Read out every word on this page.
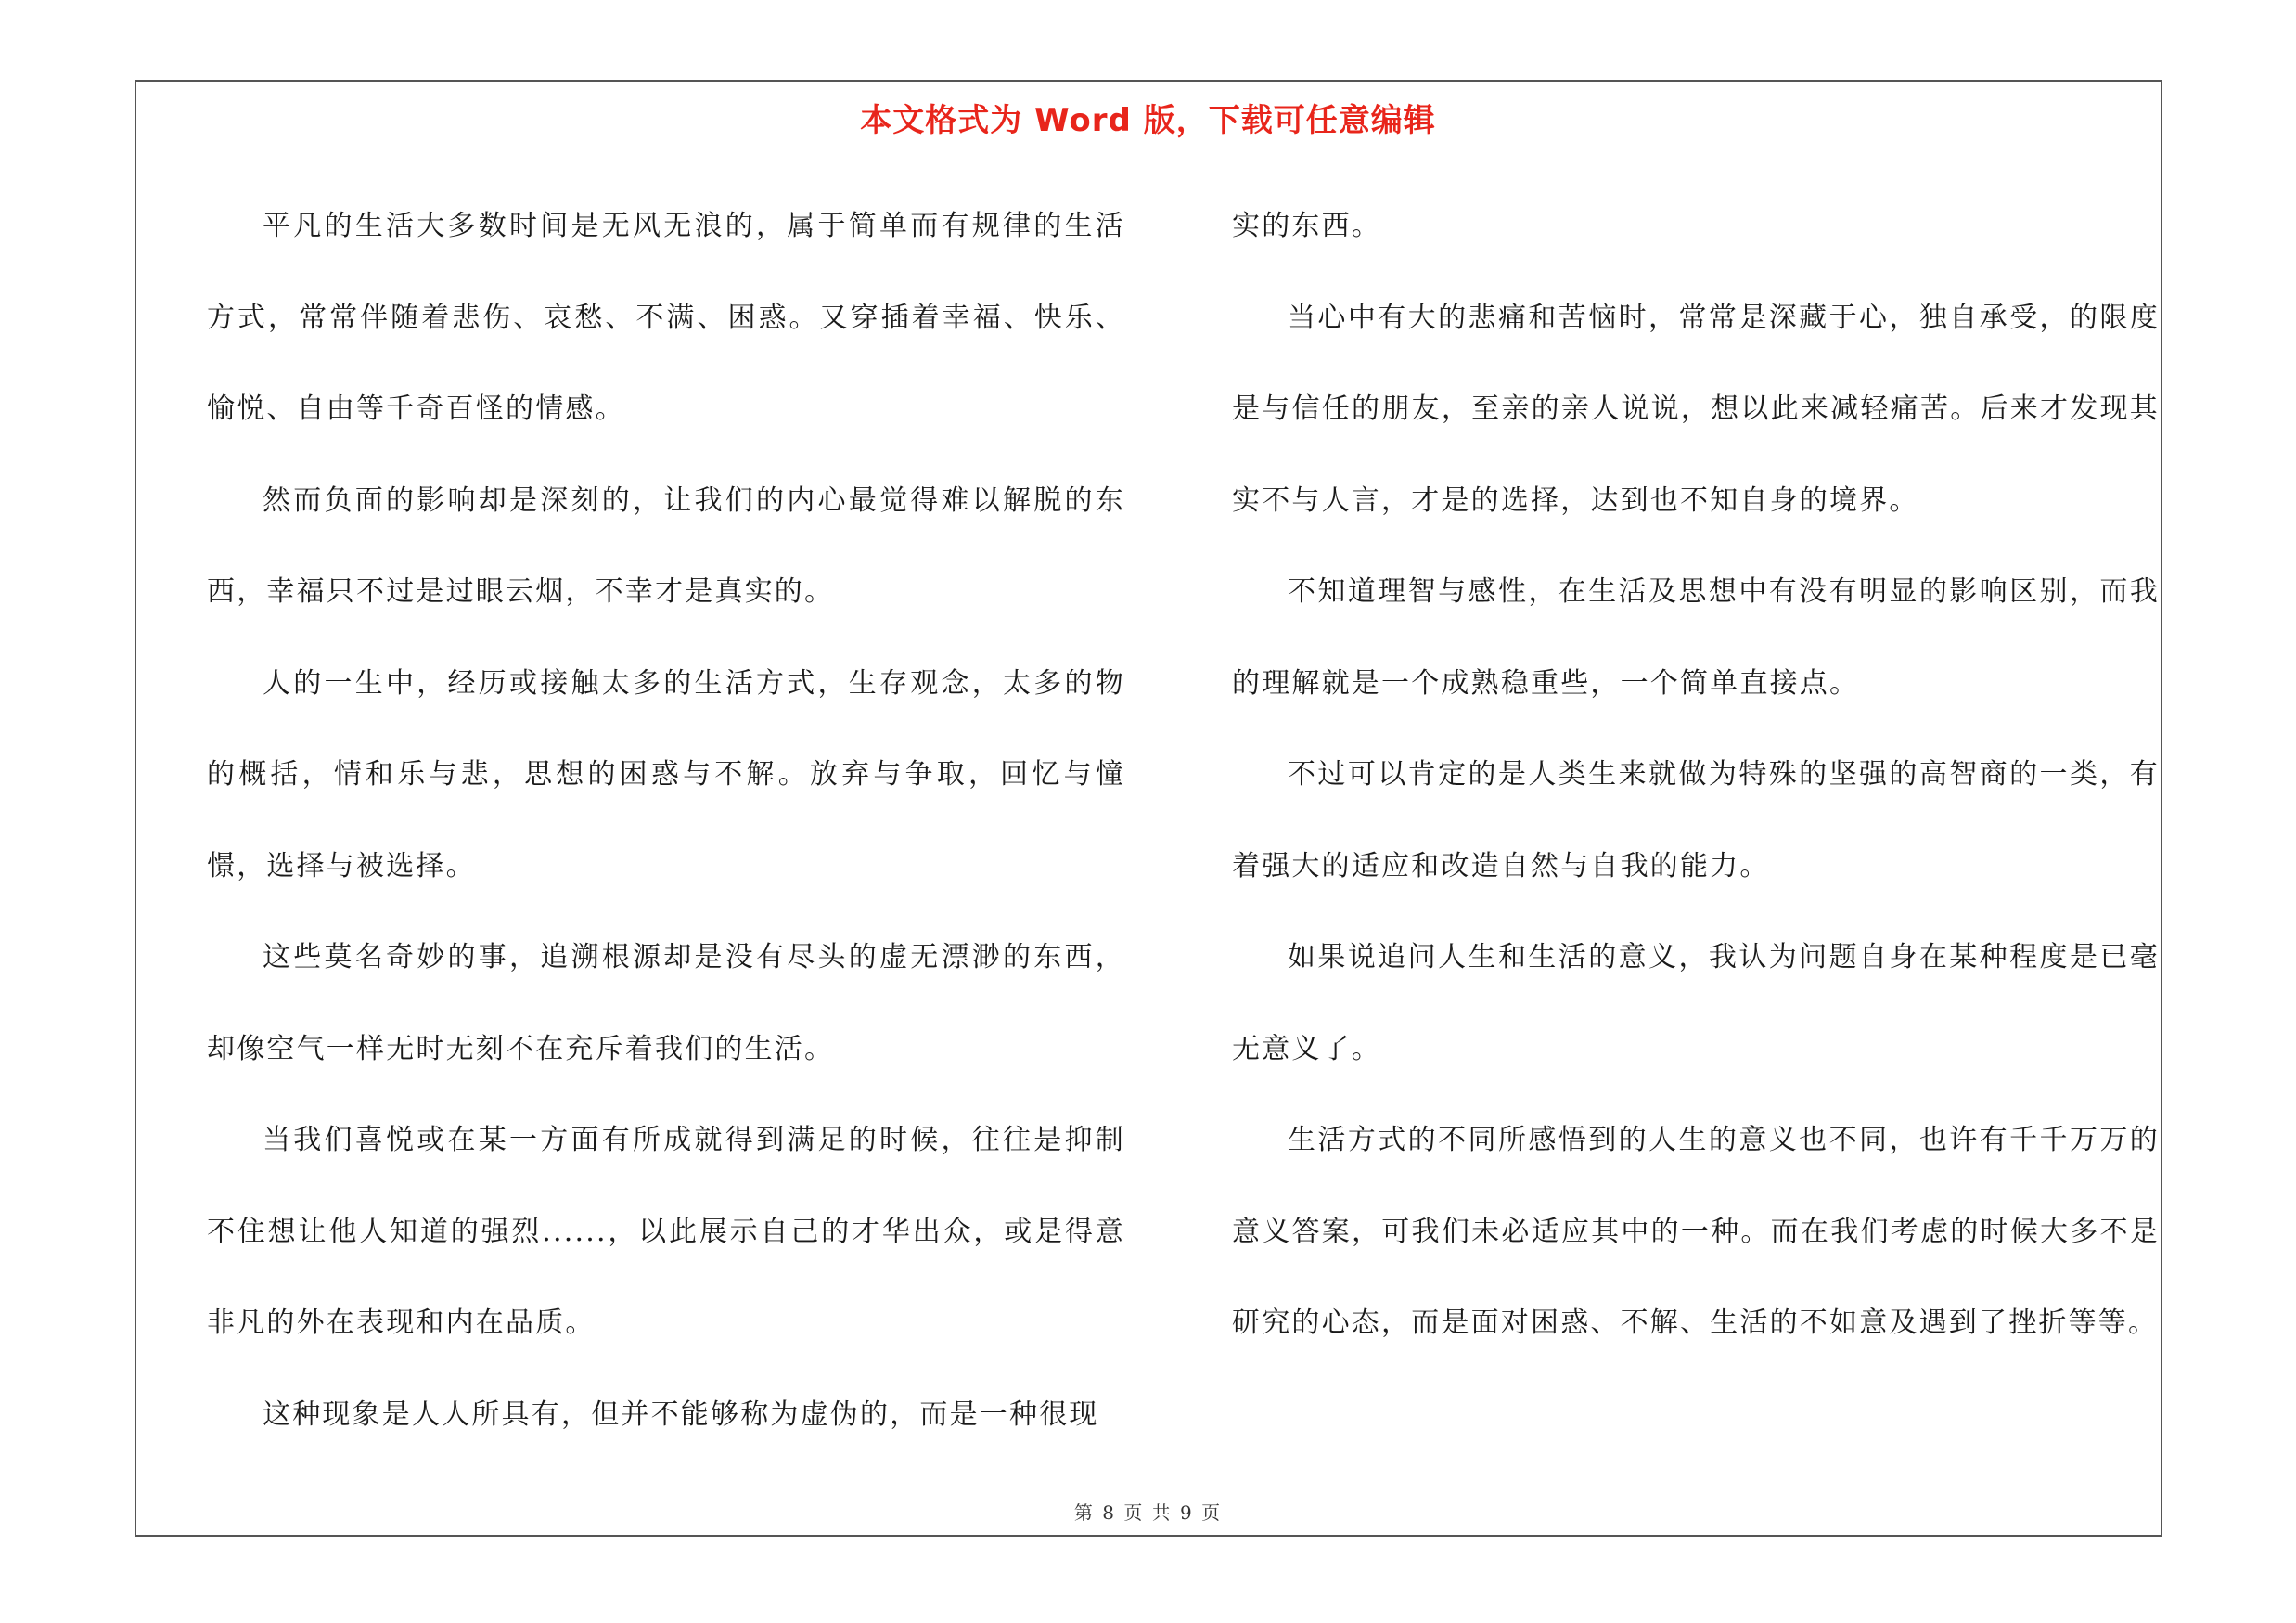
本文格式为 Word 版，下载可任意编辑

平凡的生活大多数时间是无风无浪的，属于简单而有规律的生活方式，常常伴随着悲伤、哀愁、不满、困惑。又穿插着幸福、快乐、愉悦、自由等千奇百怪的情感。

然而负面的影响却是深刻的，让我们的内心最觉得难以解脱的东西，幸福只不过是过眼云烟，不幸才是真实的。

人的一生中，经历或接触太多的生活方式，生存观念，太多的物的概括，情和乐与悲，思想的困惑与不解。放弃与争取，回忆与憧憬，选择与被选择。

这些莫名奇妙的事，追溯根源却是没有尽头的虚无漂渺的东西，却像空气一样无时无刻不在充斥着我们的生活。

当我们喜悦或在某一方面有所成就得到满足的时候，往往是抑制不住想让他人知道的强烈......，以此展示自己的才华出众，或是得意非凡的外在表现和内在品质。

这种现象是人人所具有，但并不能够称为虚伪的，而是一种很现

实的东西。

当心中有大的悲痛和苦恼时，常常是深藏于心，独自承受，的限度是与信任的朋友，至亲的亲人说说，想以此来减轻痛苦。后来才发现其实不与人言，才是的选择，达到也不知自身的境界。

不知道理智与感性，在生活及思想中有没有明显的影响区别，而我的理解就是一个成熟稳重些，一个简单直接点。

不过可以肯定的是人类生来就做为特殊的坚强的高智商的一类，有着强大的适应和改造自然与自我的能力。

如果说追问人生和生活的意义，我认为问题自身在某种程度是已毫无意义了。

生活方式的不同所感悟到的人生的意义也不同，也许有千千万万的意义答案，可我们未必适应其中的一种。而在我们考虑的时候大多不是研究的心态，而是面对困惑、不解、生活的不如意及遇到了挫折等等。

第 8 页 共 9 页
